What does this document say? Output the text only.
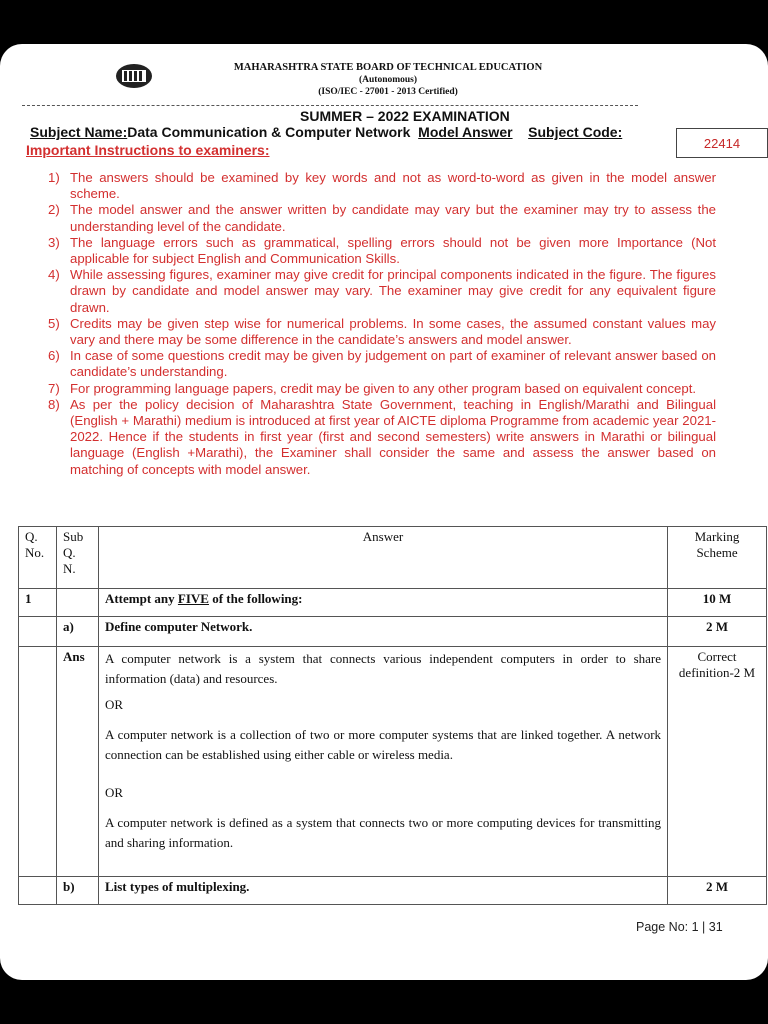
MAHARASHTRA STATE BOARD OF TECHNICAL EDUCATION
(Autonomous)
(ISO/IEC - 27001 - 2013 Certified)
SUMMER – 2022 EXAMINATION
Subject Name:Data Communication & Computer Network Model Answer Subject Code:
22414
Important Instructions to examiners:
1) The answers should be examined by key words and not as word-to-word as given in the model answer scheme.
2) The model answer and the answer written by candidate may vary but the examiner may try to assess the understanding level of the candidate.
3) The language errors such as grammatical, spelling errors should not be given more Importance (Not applicable for subject English and Communication Skills.
4) While assessing figures, examiner may give credit for principal components indicated in the figure. The figures drawn by candidate and model answer may vary. The examiner may give credit for any equivalent figure drawn.
5) Credits may be given step wise for numerical problems. In some cases, the assumed constant values may vary and there may be some difference in the candidate’s answers and model answer.
6) In case of some questions credit may be given by judgement on part of examiner of relevant answer based on candidate’s understanding.
7) For programming language papers, credit may be given to any other program based on equivalent concept.
8) As per the policy decision of Maharashtra State Government, teaching in English/Marathi and Bilingual (English + Marathi) medium is introduced at first year of AICTE diploma Programme from academic year 2021-2022. Hence if the students in first year (first and second semesters) write answers in Marathi or bilingual language (English +Marathi), the Examiner shall consider the same and assess the answer based on matching of concepts with model answer.
Q. No.	Sub Q. N.	Answer	Marking Scheme
1		Attempt any FIVE of the following:	10 M
	a)	Define computer Network.	2 M
	Ans	A computer network is a system that connects various independent computers in order to share information (data) and resources.

OR

A computer network is a collection of two or more computer systems that are linked together. A network connection can be established using either cable or wireless media.

OR

A computer network is defined as a system that connects two or more computing devices for transmitting and sharing information.	Correct definition-2 M
	b)	List types of multiplexing.	2 M
Page No: 1 | 31
